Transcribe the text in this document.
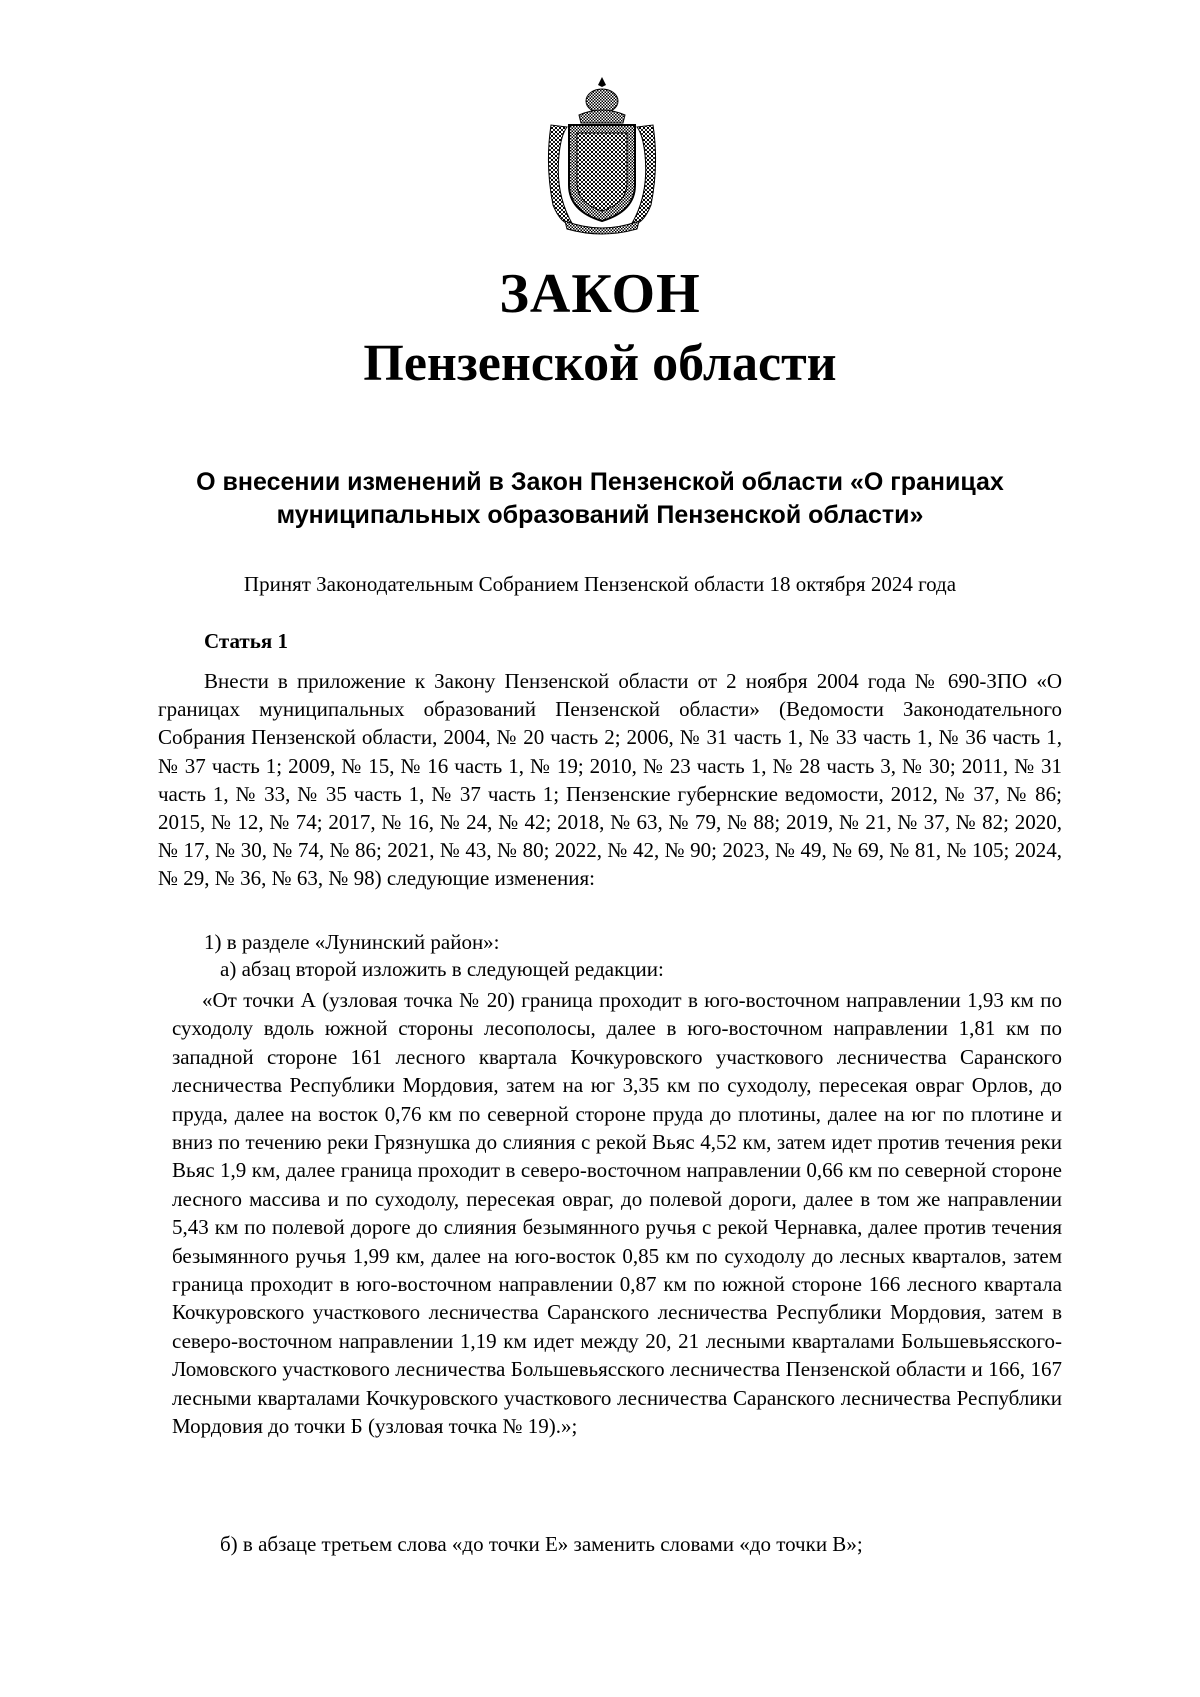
ЗАКОН
Пензенской области

О внесении изменений в Закон Пензенской области «О границах муниципальных образований Пензенской области»

Принят Законодательным Собранием Пензенской области 18 октября 2024 года

Статья 1

Внести в приложение к Закону Пензенской области от 2 ноября 2004 года № 690-ЗПО «О границах муниципальных образований Пензенской области» (Ведомости Законодательного Собрания Пензенской области, 2004, № 20 часть 2; 2006, № 31 часть 1, № 33 часть 1, № 36 часть 1, № 37 часть 1; 2009, № 15, № 16 часть 1, № 19; 2010, № 23 часть 1, № 28 часть 3, № 30; 2011, № 31 часть 1, № 33, № 35 часть 1, № 37 часть 1; Пензенские губернские ведомости, 2012, № 37, № 86; 2015, № 12, № 74; 2017, № 16, № 24, № 42; 2018, № 63, № 79, № 88; 2019, № 21, № 37, № 82; 2020, № 17, № 30, № 74, № 86; 2021, № 43, № 80; 2022, № 42, № 90; 2023, № 49, № 69, № 81, № 105; 2024, № 29, № 36, № 63, № 98) следующие изменения:

1) в разделе «Лунинский район»:

а) абзац второй изложить в следующей редакции:

«От точки А (узловая точка № 20) граница проходит в юго-восточном направлении 1,93 км по суходолу вдоль южной стороны лесополосы, далее в юго-восточном направлении 1,81 км по западной стороне 161 лесного квартала Кочкуровского участкового лесничества Саранского лесничества Республики Мордовия, затем на юг 3,35 км по суходолу, пересекая овраг Орлов, до пруда, далее на восток 0,76 км по северной стороне пруда до плотины, далее на юг по плотине и вниз по течению реки Грязнушка до слияния с рекой Вьяс 4,52 км, затем идет против течения реки Вьяс 1,9 км, далее граница проходит в северо-восточном направлении 0,66 км по северной стороне лесного массива и по суходолу, пересекая овраг, до полевой дороги, далее в том же направлении 5,43 км по полевой дороге до слияния безымянного ручья с рекой Чернавка, далее против течения безымянного ручья 1,99 км, далее на юго-восток 0,85 км по суходолу до лесных кварталов, затем граница проходит в юго-восточном направлении 0,87 км по южной стороне 166 лесного квартала Кочкуровского участкового лесничества Саранского лесничества Республики Мордовия, затем в северо-восточном направлении 1,19 км идет между 20, 21 лесными кварталами Большевьясского-Ломовского участкового лесничества Большевьясского лесничества Пензенской области и 166, 167 лесными кварталами Кочкуровского участкового лесничества Саранского лесничества Республики Мордовия до точки Б (узловая точка № 19).»;

б) в абзаце третьем слова «до точки Е» заменить словами «до точки В»;
